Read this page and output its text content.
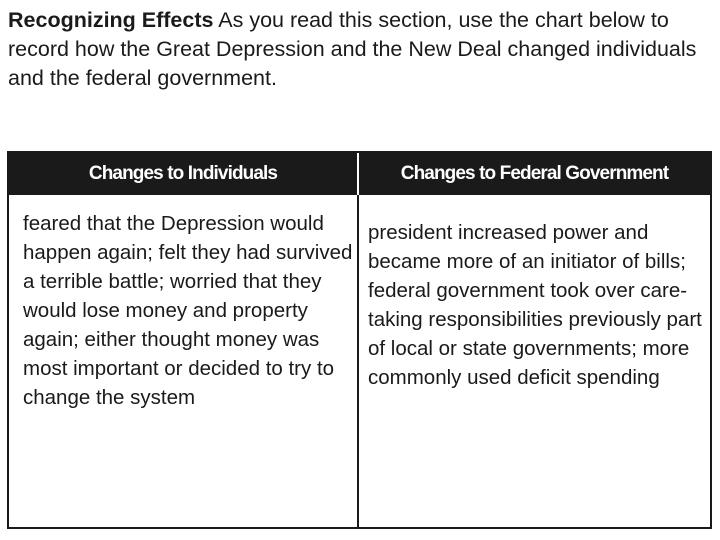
Recognizing Effects As you read this section, use the chart below to record how the Great Depression and the New Deal changed individuals and the federal government.

Changes to Individuals	Changes to Federal Government

feared that the Depression would happen again; felt they had survived a terrible battle; worried that they would lose money and property again; either thought money was most important or decided to try to change the system

president increased power and became more of an initiator of bills; federal government took over care-taking responsibilities previously part of local or state governments; more commonly used deficit spending
